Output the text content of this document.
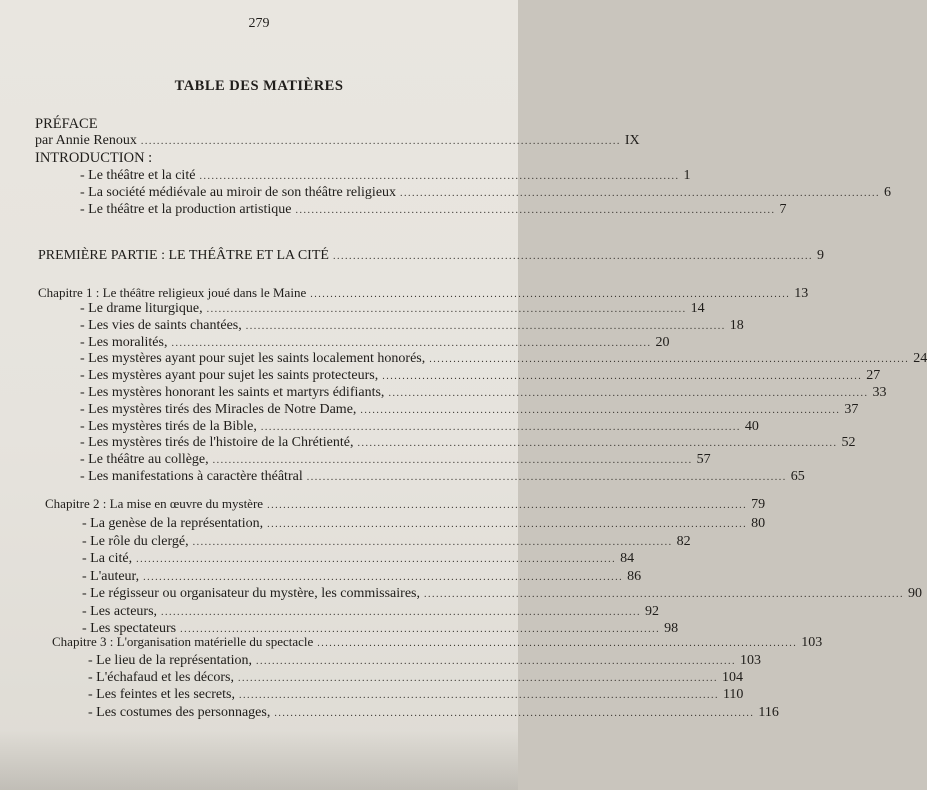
279
TABLE DES MATIÈRES
PRÉFACE
par Annie Renoux ........................................................................................................................ IX
INTRODUCTION :
- Le théâtre et la cité ........................................................................................................................ 1
- La société médiévale au miroir de son théâtre religieux ........................................................................................................................ 6
- Le théâtre et la production artistique ........................................................................................................................ 7
PREMIÈRE PARTIE : LE THÉÂTRE ET LA CITÉ ........................................................................................................................ 9
Chapitre 1 : Le théâtre religieux joué dans le Maine ........................................................................................................................ 13
- Le drame liturgique, ........................................................................................................................ 14
- Les vies de saints chantées, ........................................................................................................................ 18
- Les moralités, ........................................................................................................................ 20
- Les mystères ayant pour sujet les saints localement honorés, ........................................................................................................................ 24
- Les mystères ayant pour sujet les saints protecteurs, ........................................................................................................................ 27
- Les mystères honorant les saints et martyrs édifiants, ........................................................................................................................ 33
- Les mystères tirés des Miracles de Notre Dame, ........................................................................................................................ 37
- Les mystères tirés de la Bible, ........................................................................................................................ 40
- Les mystères tirés de l'histoire de la Chrétienté, ........................................................................................................................ 52
- Le théâtre au collège, ........................................................................................................................ 57
- Les manifestations à caractère théâtral ........................................................................................................................ 65
Chapitre 2 : La mise en œuvre du mystère ........................................................................................................................ 79
- La genèse de la représentation, ........................................................................................................................ 80
- Le rôle du clergé, ........................................................................................................................ 82
- La cité, ........................................................................................................................ 84
- L'auteur, ........................................................................................................................ 86
- Le régisseur ou organisateur du mystère, les commissaires, ........................................................................................................................ 90
- Les acteurs, ........................................................................................................................ 92
- Les spectateurs ........................................................................................................................ 98
Chapitre 3 : L'organisation matérielle du spectacle ........................................................................................................................ 103
- Le lieu de la représentation, ........................................................................................................................ 103
- L'échafaud et les décors, ........................................................................................................................ 104
- Les feintes et les secrets, ........................................................................................................................ 110
- Les costumes des personnages, ........................................................................................................................ 116
